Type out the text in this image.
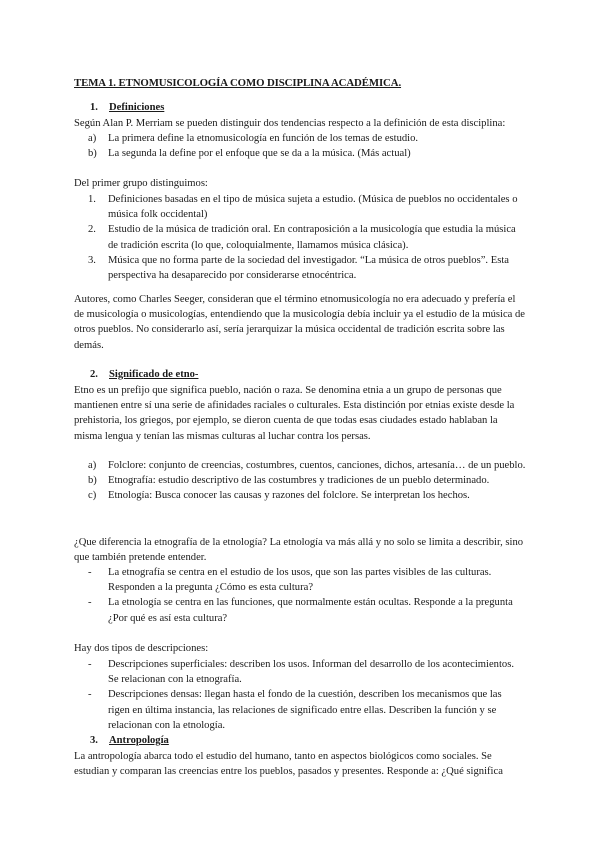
TEMA 1. ETNOMUSICOLOGÍA COMO DISCIPLINA ACADÉMICA.
1. Definiciones
Según Alan P. Merriam se pueden distinguir dos tendencias respecto a la definición de esta disciplina:
a) La primera define la etnomusicología en función de los temas de estudio.
b) La segunda la define por el enfoque que se da a la música. (Más actual)
Del primer grupo distinguimos:
1. Definiciones basadas en el tipo de música sujeta a estudio. (Música de pueblos no occidentales o música folk occidental)
2. Estudio de la música de tradición oral. En contraposición a la musicología que estudia la música de tradición escrita (lo que, coloquialmente, llamamos música clásica).
3. Música que no forma parte de la sociedad del investigador. “La música de otros pueblos”. Esta perspectiva ha desaparecido por considerarse etnocéntrica.
Autores, como Charles Seeger, consideran que el término etnomusicología no era adecuado y prefería el de musicología o musicologías, entendiendo que la musicología debía incluir ya el estudio de la música de otros pueblos. No considerarlo así, sería jerarquizar la música occidental de tradición escrita sobre las demás.
2. Significado de etno-
Etno es un prefijo que significa pueblo, nación o raza. Se denomina etnia a un grupo de personas que mantienen entre sí una serie de afinidades raciales o culturales. Esta distinción por etnias existe desde la prehistoria, los griegos, por ejemplo, se dieron cuenta de que todas esas ciudades estado hablaban la misma lengua y tenían las mismas culturas al luchar contra los persas.
a) Folclore: conjunto de creencias, costumbres, cuentos, canciones, dichos, artesanía… de un pueblo.
b) Etnografía: estudio descriptivo de las costumbres y tradiciones de un pueblo determinado.
c) Etnología: Busca conocer las causas y razones del folclore. Se interpretan los hechos.
¿Que diferencia la etnografía de la etnología? La etnología va más allá y no solo se limita a describir, sino que también pretende entender.
- La etnografía se centra en el estudio de los usos, que son las partes visibles de las culturas. Responden a la pregunta ¿Cómo es esta cultura?
- La etnología se centra en las funciones, que normalmente están ocultas. Responde a la pregunta ¿Por qué es así esta cultura?
Hay dos tipos de descripciones:
- Descripciones superficiales: describen los usos. Informan del desarrollo de los acontecimientos. Se relacionan con la etnografía.
- Descripciones densas: llegan hasta el fondo de la cuestión, describen los mecanismos que las rigen en última instancia, las relaciones de significado entre ellas. Describen la función y se relacionan con la etnología.
3. Antropología
La antropología abarca todo el estudio del humano, tanto en aspectos biológicos como sociales. Se estudian y comparan las creencias entre los pueblos, pasados y presentes. Responde a: ¿Qué significa
